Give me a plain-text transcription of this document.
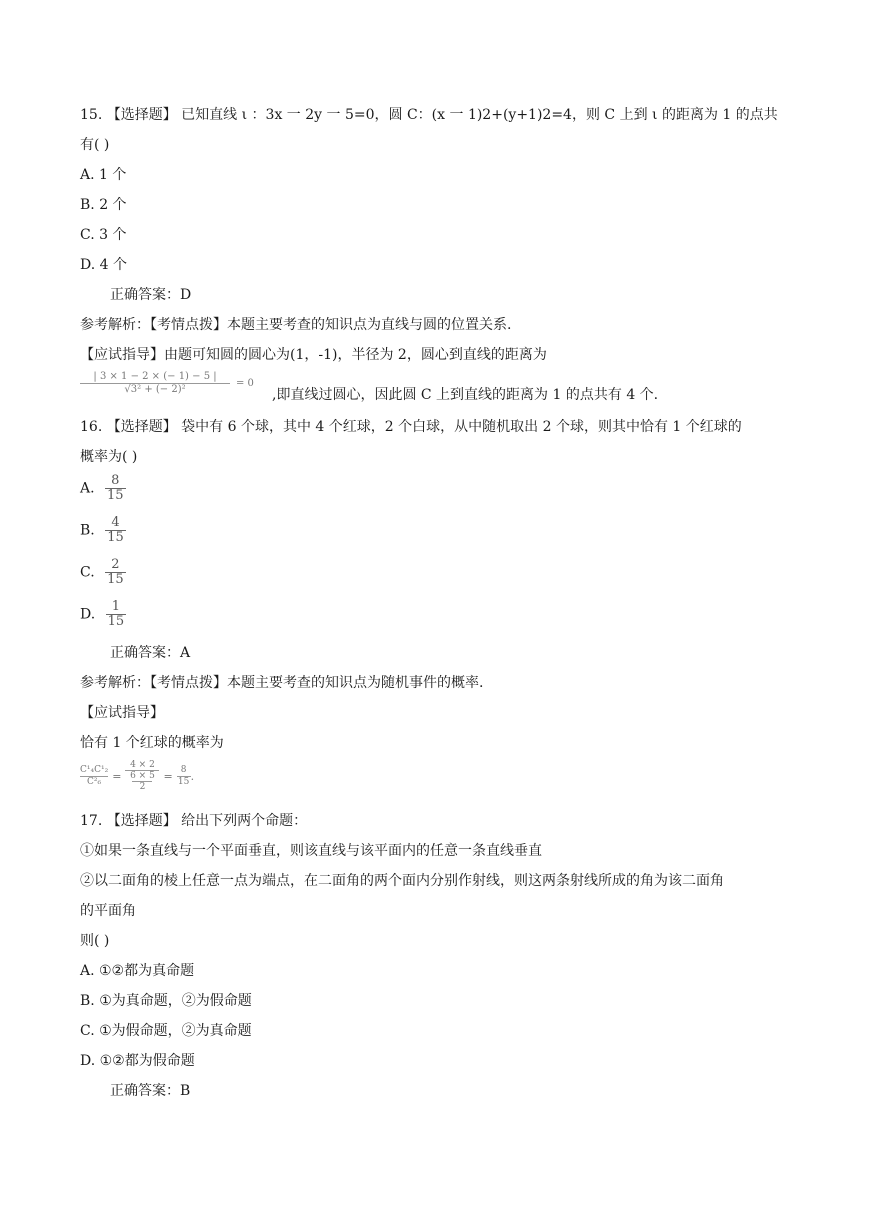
15. 【选择题】 已知直线 ι ：3x 一 2y 一 5=0，圆 C：(x 一 1)2+(y+1)2=4，则 C 上到 ι 的距离为 1 的点共
有( )
A. 1 个
B. 2 个
C. 3 个
D. 4 个
正确答案：D
参考解析：【考情点拨】本题主要考查的知识点为直线与圆的位置关系.
【应试指导】由题可知圆的圆心为(1，-1)，半径为 2，圆心到直线的距离为
| 3 × 1 − 2 × (− 1) − 5 |
√3² + (− 2)²
= 0
,即直线过圆心，因此圆 C 上到直线的距离为 1 的点共有 4 个.
16. 【选择题】 袋中有 6 个球，其中 4 个红球，2 个白球，从中随机取出 2 个球，则其中恰有 1 个红球的
概率为( )
A. $\frac{8}{15}$
B. $\frac{4}{15}$
C. $\frac{2}{15}$
D. $\frac{1}{15}$
正确答案：A
参考解析：【考情点拨】本题主要考查的知识点为随机事件的概率.
【应试指导】
恰有 1 个红球的概率为
C¹₄C¹₂
C²₆ =
4 × 2
6 × 5
2
= 8
15 .
17. 【选择题】 给出下列两个命题：
①如果一条直线与一个平面垂直，则该直线与该平面内的任意一条直线垂直
②以二面角的棱上任意一点为端点，在二面角的两个面内分别作射线，则这两条射线所成的角为该二面角
的平面角
则( )
A. ①②都为真命题
B. ①为真命题，②为假命题
C. ①为假命题，②为真命题
D. ①②都为假命题
正确答案：B
